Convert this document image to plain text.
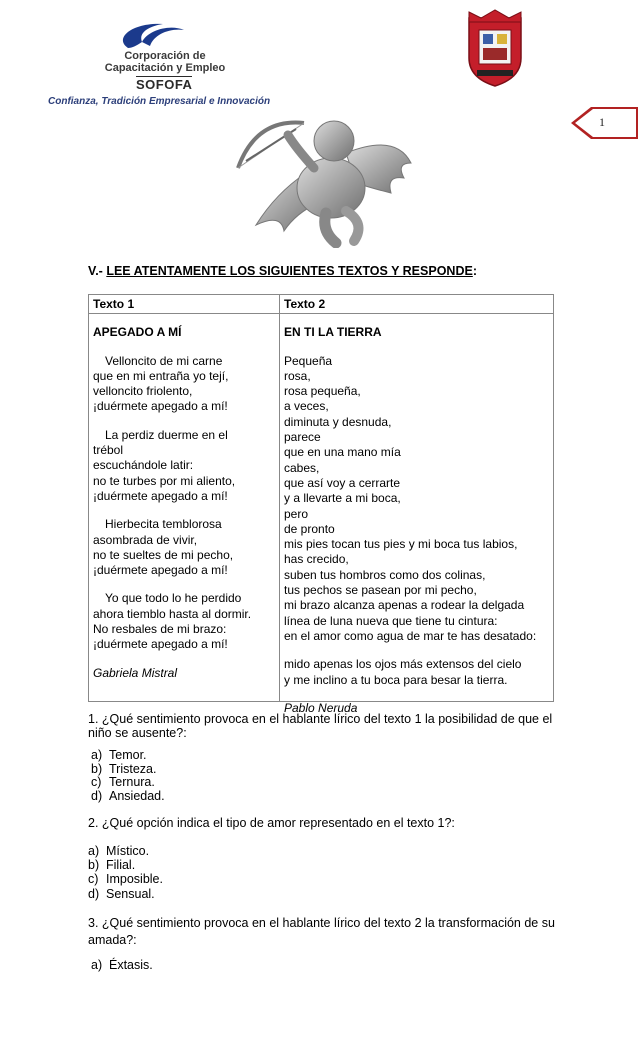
Corporación de
Capacitación y Empleo
SOFOFA
Confianza, Tradición Empresarial e Innovación
1
V.- LEE ATENTAMENTE LOS SIGUIENTES TEXTOS Y RESPONDE:
Texto 1
APEGADO A MÍ
Velloncito de mi carne
que en mi entraña yo tejí,
velloncito friolento,
¡duérmete apegado a mí!
La perdiz duerme en el
trébol
escuchándole latir:
no te turbes por mi aliento,
¡duérmete apegado a mí!
Hierbecita temblorosa
asombrada de vivir,
no te sueltes de mi pecho,
¡duérmete apegado a mí!
Yo que todo lo he perdido
ahora tiemblo hasta al dormir.
No resbales de mi brazo:
¡duérmete apegado a mí!
Gabriela Mistral
Texto 2
EN TI LA TIERRA
Pequeña
rosa,
rosa pequeña,
a veces,
diminuta y desnuda,
parece
que en una mano mía
cabes,
que así voy a cerrarte
y a llevarte a mi boca,
pero
de pronto
mis pies tocan tus pies y mi boca tus labios,
has crecido,
suben tus hombros como dos colinas,
tus pechos se pasean por mi pecho,
mi brazo alcanza apenas a rodear la delgada
línea de luna nueva que tiene tu cintura:
en el amor como agua de mar te has desatado:
mido apenas los ojos más extensos del cielo
y me inclino a tu boca para besar la tierra.
Pablo Neruda
1. ¿Qué sentimiento provoca en el hablante lírico del texto 1 la posibilidad de que el niño se ausente?:
a) Temor.
b) Tristeza.
c) Ternura.
d) Ansiedad.
2. ¿Qué opción indica el tipo de amor representado en el texto 1?:
a) Místico.
b) Filial.
c) Imposible.
d) Sensual.
3. ¿Qué sentimiento provoca en el hablante lírico del texto 2 la transformación de su amada?:
a) Éxtasis.
